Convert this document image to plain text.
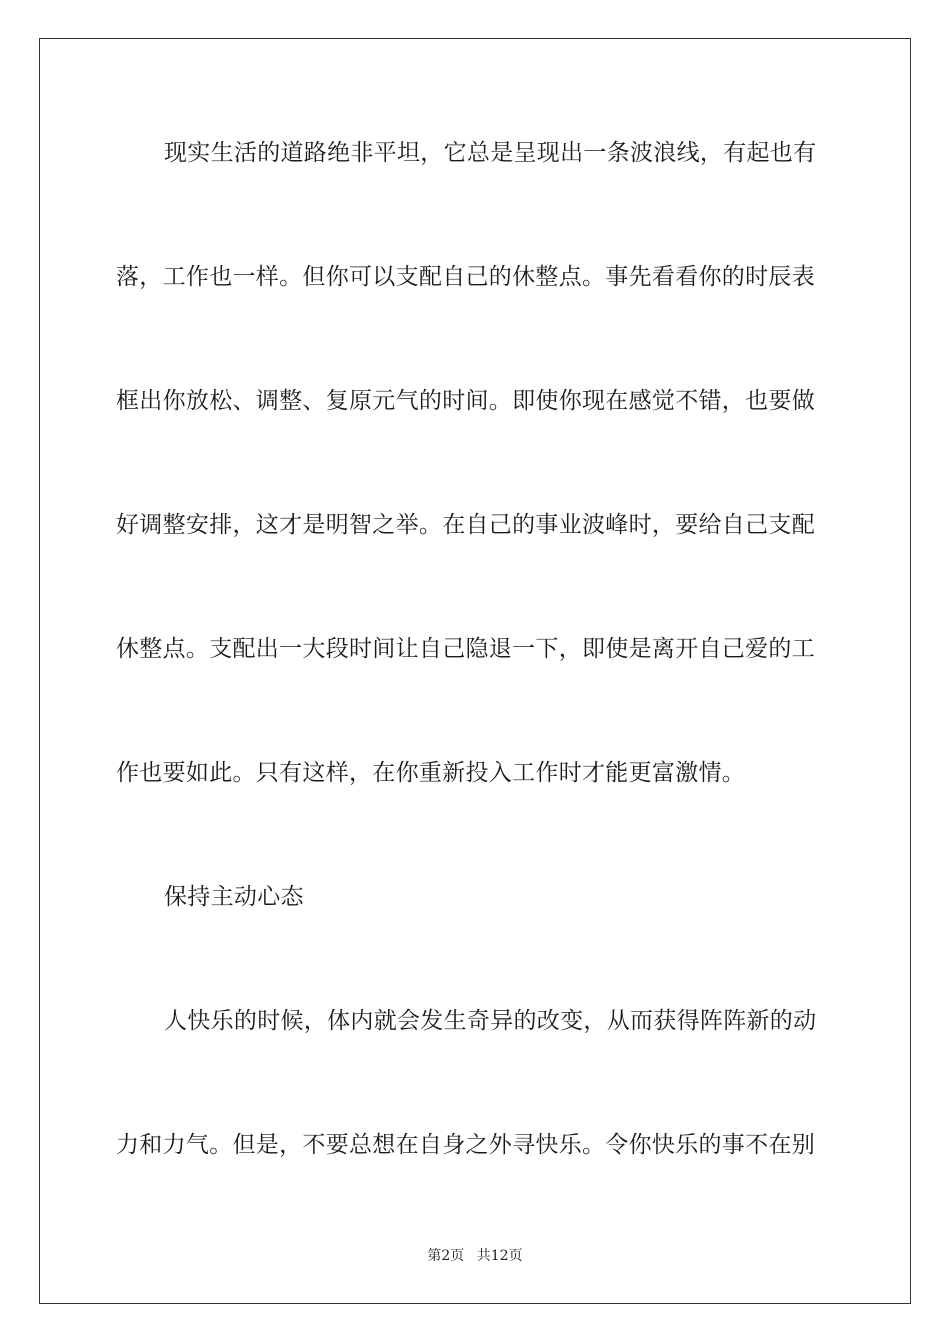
现实生活的道路绝非平坦，它总是呈现出一条波浪线，有起也有
落，工作也一样。但你可以支配自己的休整点。事先看看你的时辰表
框出你放松、调整、复原元气的时间。即使你现在感觉不错，也要做
好调整安排，这才是明智之举。在自己的事业波峰时，要给自己支配
休整点。支配出一大段时间让自己隐退一下，即使是离开自己爱的工
作也要如此。只有这样，在你重新投入工作时才能更富激情。
保持主动心态
人快乐的时候，体内就会发生奇异的改变，从而获得阵阵新的动
力和力气。但是，不要总想在自身之外寻快乐。令你快乐的事不在别
第2页 共12页
